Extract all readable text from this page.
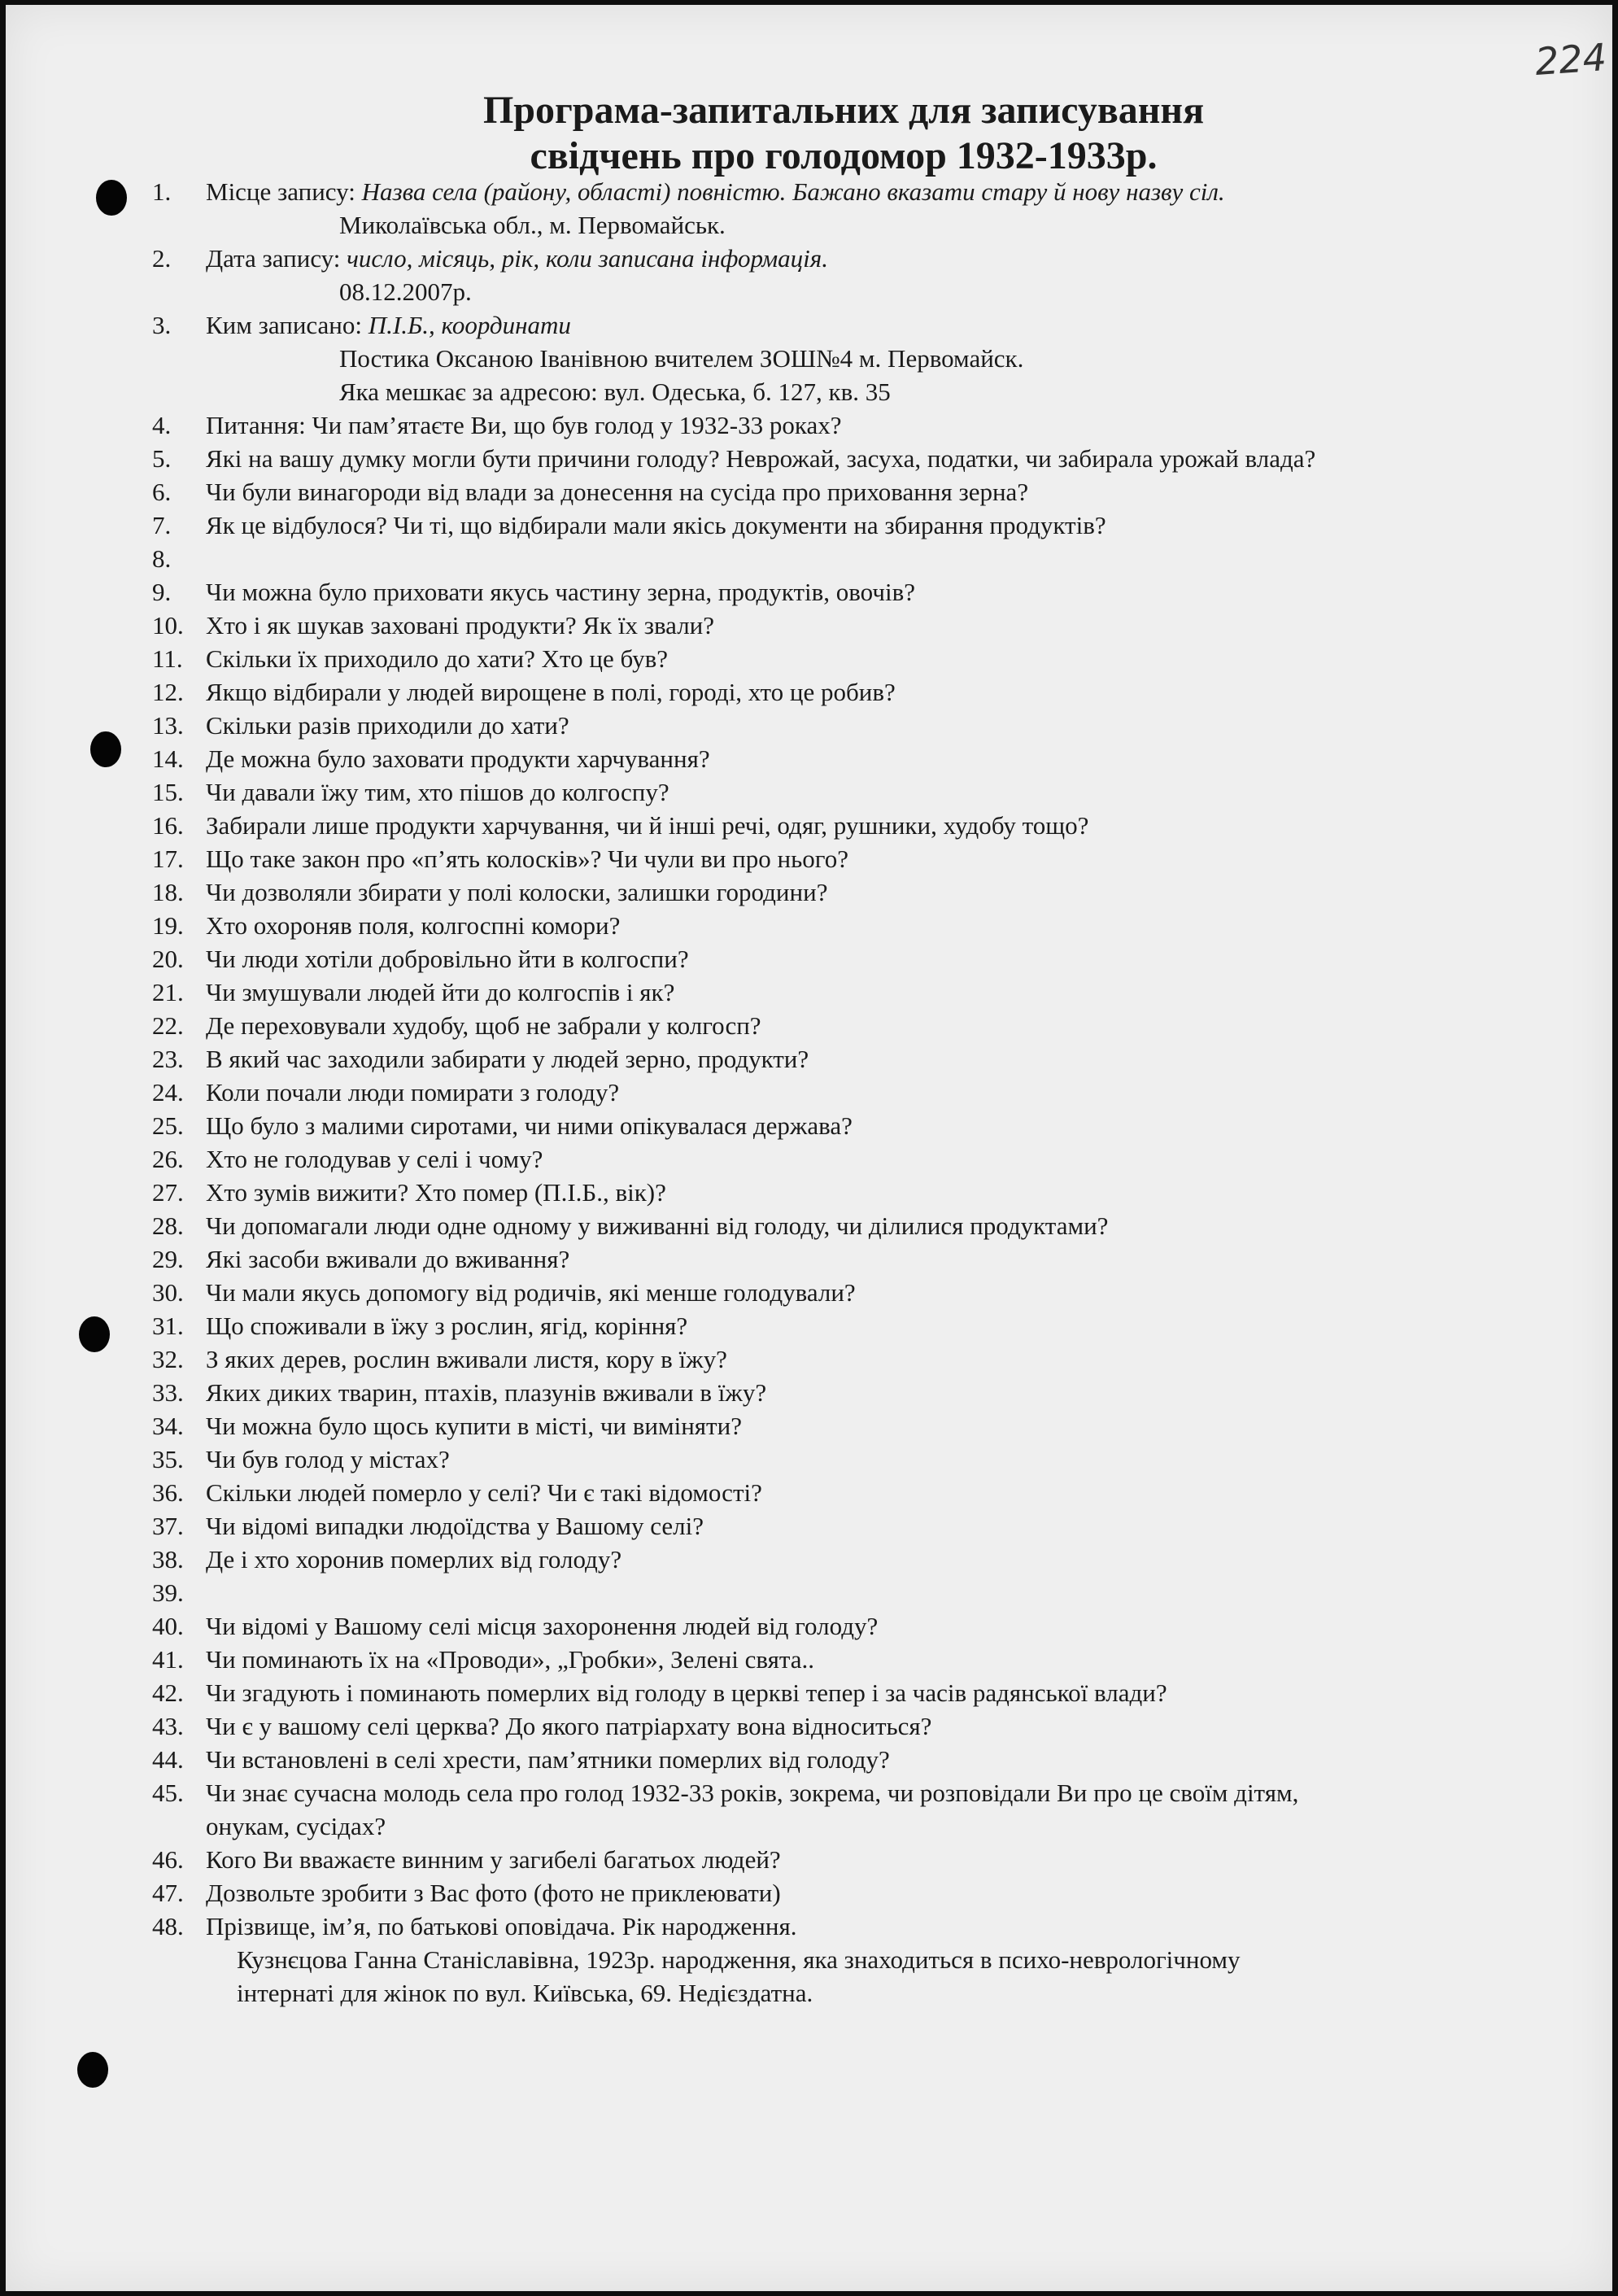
224
Програма-запитальних для записування
свідчень про голодомор 1932-1933р.
1. Місце запису: Назва села (району, області) повністю. Бажано вказати стару й нову назву сіл.
Миколаївська обл., м. Первомайськ.
2. Дата запису: число, місяць, рік, коли записана інформація.
08.12.2007р.
3. Ким записано: П.І.Б., координати
Постика Оксаною Іванівною вчителем ЗОШ№4 м. Первомайск.
Яка мешкає за адресою: вул. Одеська, б. 127, кв. 35
4. Питання: Чи пам’ятаєте Ви, що був голод у 1932-33 роках?
5. Які на вашу думку могли бути причини голоду? Неврожай, засуха, податки, чи забирала урожай влада?
6. Чи були винагороди від влади за донесення на сусіда про приховання зерна?
7. Як це відбулося? Чи ті, що відбирали мали якісь документи на збирання продуктів?
8.
9. Чи можна було приховати якусь частину зерна, продуктів, овочів?
10. Хто і як шукав заховані продукти? Як їх звали?
11. Скільки їх приходило до хати? Хто це був?
12. Якщо відбирали у людей вирощене в полі, городі, хто це робив?
13. Скільки разів приходили до хати?
14. Де можна було заховати продукти харчування?
15. Чи давали їжу тим, хто пішов до колгоспу?
16. Забирали лише продукти харчування, чи й інші речі, одяг, рушники, худобу тощо?
17. Що таке закон про «п’ять колосків»? Чи чули ви про нього?
18. Чи дозволяли збирати у полі колоски, залишки городини?
19. Хто охороняв поля, колгоспні комори?
20. Чи люди хотіли добровільно йти в колгоспи?
21. Чи змушували людей йти до колгоспів і як?
22. Де переховували худобу, щоб не забрали у колгосп?
23. В який час заходили забирати у людей зерно, продукти?
24. Коли почали люди помирати з голоду?
25. Що було з малими сиротами, чи ними опікувалася держава?
26. Хто не голодував у селі і чому?
27. Хто зумів вижити? Хто помер (П.І.Б., вік)?
28. Чи допомагали люди одне одному у виживанні від голоду, чи ділилися продуктами?
29. Які засоби вживали до вживання?
30. Чи мали якусь допомогу від родичів, які менше голодували?
31. Що споживали в їжу з рослин, ягід, коріння?
32. З яких дерев, рослин вживали листя, кору в їжу?
33. Яких диких тварин, птахів, плазунів вживали в їжу?
34. Чи можна було щось купити в місті, чи виміняти?
35. Чи був голод у містах?
36. Скільки людей померло у селі? Чи є такі відомості?
37. Чи відомі випадки людоїдства у Вашому селі?
38. Де і хто хоронив померлих від голоду?
39.
40. Чи відомі у Вашому селі місця захоронення людей від голоду?
41. Чи поминають їх на «Проводи», „Гробки», Зелені свята..
42. Чи згадують і поминають померлих від голоду в церкві тепер і за часів радянської влади?
43. Чи є у вашому селі церква? До якого патріархату вона відноситься?
44. Чи встановлені в селі хрести, пам’ятники померлих від голоду?
45. Чи знає сучасна молодь села про голод 1932-33 років, зокрема, чи розповідали Ви про це своїм дітям,
онукам, сусідах?
46. Кого Ви вважаєте винним у загибелі багатьох людей?
47. Дозвольте зробити з Вас фото (фото не приклеювати)
48. Прізвище, ім’я, по батькові оповідача. Рік народження.
Кузнєцова Ганна Станіславівна, 1923р. народження, яка знаходиться в психо-неврологічному
інтернаті для жінок по вул. Київська, 69. Недієздатна.
